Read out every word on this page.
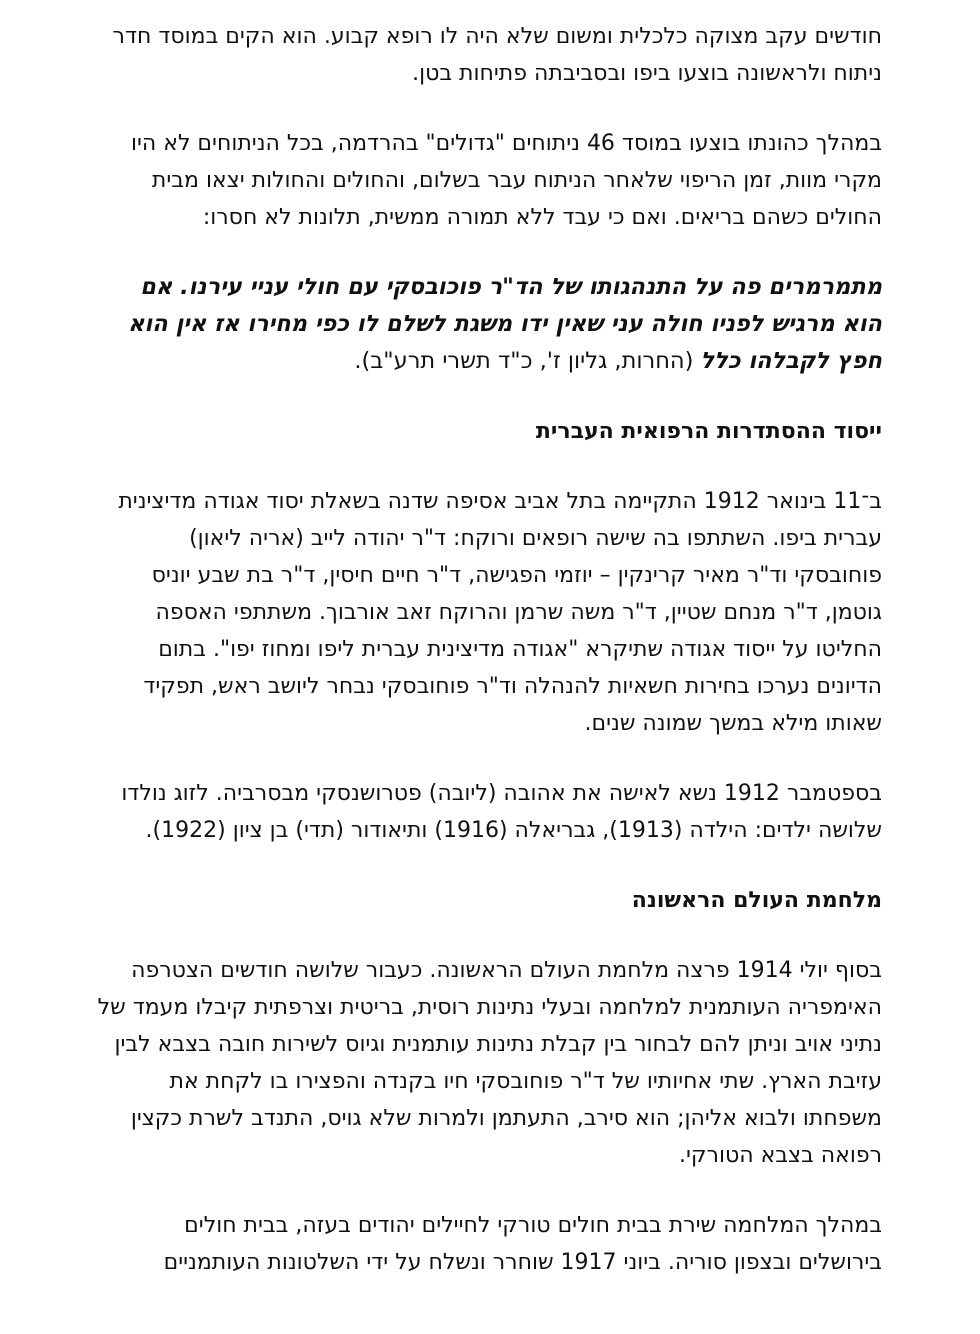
חודשים עקב מצוקה כלכלית ומשום שלא היה לו רופא קבוע. הוא הקים במוסד חדר ניתוח ולראשונה בוצעו ביפו ובסביבתה פתיחות בטן.

במהלך כהונתו בוצעו במוסד 46 ניתוחים "גדולים" בהרדמה, בכל הניתוחים לא היו מקרי מוות, זמן הריפוי שלאחר הניתוח עבר בשלום, והחולים והחולות יצאו מבית החולים כשהם בריאים. ואם כי עבד ללא תמורה ממשית, תלונות לא חסרו:

מתמרמרים פה על התנהגותו של הד"ר פוכובסקי עם חולי עניי עירנו. אם הוא מרגיש לפניו חולה עני שאין ידו משגת לשלם לו כפי מחירו אז אין הוא חפץ לקבלהו כלל (החרות, גליון ז', כ"ד תשרי תרע"ב).

ייסוד ההסתדרות הרפואית העברית

ב־11 בינואר 1912 התקיימה בתל אביב אסיפה שדנה בשאלת יסוד אגודה מדיצינית עברית ביפו. השתתפו בה שישה רופאים ורוקח: ד"ר יהודה לייב (אריה ליאון) פוחובסקי וד"ר מאיר קרינקין – יוזמי הפגישה, ד"ר חיים חיסין, ד"ר בת שבע יוניס גוטמן, ד"ר מנחם שטיין, ד"ר משה שרמן והרוקח זאב אורבוך. משתתפי האספה החליטו על ייסוד אגודה שתיקרא "אגודה מדיצינית עברית ליפו ומחוז יפו". בתום הדיונים נערכו בחירות חשאיות להנהלה וד"ר פוחובסקי נבחר ליושב ראש, תפקיד שאותו מילא במשך שמונה שנים.

בספטמבר 1912 נשא לאישה את אהובה (ליובה) פטרושנסקי מבסרביה. לזוג נולדו שלושה ילדים: הילדה (1913), גבריאלה (1916) ותיאודור (תדי) בן ציון (1922).

מלחמת העולם הראשונה

בסוף יולי 1914 פרצה מלחמת העולם הראשונה. כעבור שלושה חודשים הצטרפה האימפריה העותמנית למלחמה ובעלי נתינות רוסית, בריטית וצרפתית קיבלו מעמד של נתיני אויב וניתן להם לבחור בין קבלת נתינות עותמנית וגיוס לשירות חובה בצבא לבין עזיבת הארץ. שתי אחיותיו של ד"ר פוחובסקי חיו בקנדה והפצירו בו לקחת את משפחתו ולבוא אליהן; הוא סירב, התעתמן ולמרות שלא גויס, התנדב לשרת כקצין רפואה בצבא הטורקי.

במהלך המלחמה שירת בבית חולים טורקי לחיילים יהודים בעזה, בבית חולים בירושלים ובצפון סוריה. ביוני 1917 שוחרר ונשלח על ידי השלטונות העותמניים
